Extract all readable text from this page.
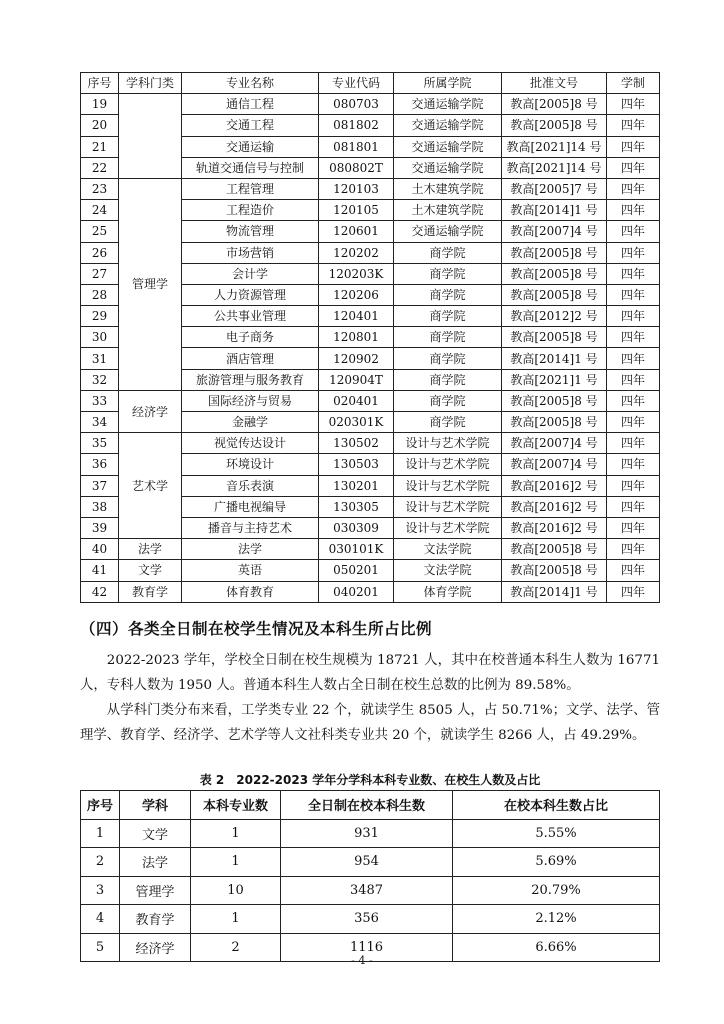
序号	学科门类	专业名称	专业代码	所属学院	批准文号	学制
19		通信工程	080703	交通运输学院	教高[2005]8 号	四年
20		交通工程	081802	交通运输学院	教高[2005]8 号	四年
21		交通运输	081801	交通运输学院	教高[2021]14 号	四年
22		轨道交通信号与控制	080802T	交通运输学院	教高[2021]14 号	四年
23	管理学	工程管理	120103	土木建筑学院	教高[2005]7 号	四年
24		工程造价	120105	土木建筑学院	教高[2014]1 号	四年
25		物流管理	120601	交通运输学院	教高[2007]4 号	四年
26		市场营销	120202	商学院	教高[2005]8 号	四年
27		会计学	120203K	商学院	教高[2005]8 号	四年
28		人力资源管理	120206	商学院	教高[2005]8 号	四年
29		公共事业管理	120401	商学院	教高[2012]2 号	四年
30		电子商务	120801	商学院	教高[2005]8 号	四年
31		酒店管理	120902	商学院	教高[2014]1 号	四年
32		旅游管理与服务教育	120904T	商学院	教高[2021]1 号	四年
33	经济学	国际经济与贸易	020401	商学院	教高[2005]8 号	四年
34		金融学	020301K	商学院	教高[2005]8 号	四年
35	艺术学	视觉传达设计	130502	设计与艺术学院	教高[2007]4 号	四年
36		环境设计	130503	设计与艺术学院	教高[2007]4 号	四年
37		音乐表演	130201	设计与艺术学院	教高[2016]2 号	四年
38		广播电视编导	130305	设计与艺术学院	教高[2016]2 号	四年
39		播音与主持艺术	030309	设计与艺术学院	教高[2016]2 号	四年
40	法学	法学	030101K	文法学院	教高[2005]8 号	四年
41	文学	英语	050201	文法学院	教高[2005]8 号	四年
42	教育学	体育教育	040201	体育学院	教高[2014]1 号	四年
（四）各类全日制在校学生情况及本科生所占比例

2022-2023 学年，学校全日制在校生规模为 18721 人，其中在校普通本科生人数为 16771 人，专科人数为 1950 人。普通本科生人数占全日制在校生总数的比例为 89.58%。

从学科门类分布来看，工学类专业 22 个，就读学生 8505 人，占 50.71%；文学、法学、管理学、教育学、经济学、艺术学等人文社科类专业共 20 个，就读学生 8266 人，占 49.29%。

表 2　2022-2023 学年分学科本科专业数、在校生人数及占比
序号	学科	本科专业数	全日制在校本科生数	在校本科生数占比
1	文学	1	931	5.55%
2	法学	1	954	5.69%
3	管理学	10	3487	20.79%
4	教育学	1	356	2.12%
5	经济学	2	1116	6.66%
- 4 -
